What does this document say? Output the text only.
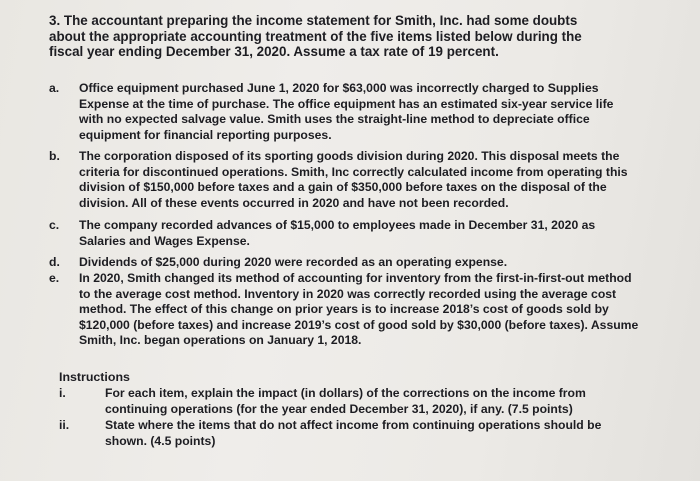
3. The accountant preparing the income statement for Smith, Inc. had some doubts about the appropriate accounting treatment of the five items listed below during the fiscal year ending December 31, 2020. Assume a tax rate of 19 percent.
a.	Office equipment purchased June 1, 2020 for $63,000 was incorrectly charged to Supplies Expense at the time of purchase. The office equipment has an estimated six-year service life with no expected salvage value. Smith uses the straight-line method to depreciate office equipment for financial reporting purposes.
b.	The corporation disposed of its sporting goods division during 2020. This disposal meets the criteria for discontinued operations. Smith, Inc correctly calculated income from operating this division of $150,000 before taxes and a gain of $350,000 before taxes on the disposal of the division. All of these events occurred in 2020 and have not been recorded.
c.	The company recorded advances of $15,000 to employees made in December 31, 2020 as Salaries and Wages Expense.
d.	Dividends of $25,000 during 2020 were recorded as an operating expense.
e.	In 2020, Smith changed its method of accounting for inventory from the first-in-first-out method to the average cost method. Inventory in 2020 was correctly recorded using the average cost method. The effect of this change on prior years is to increase 2018’s cost of goods sold by $120,000 (before taxes) and increase 2019’s cost of good sold by $30,000 (before taxes). Assume Smith, Inc. began operations on January 1, 2018.
Instructions
i.	For each item, explain the impact (in dollars) of the corrections on the income from continuing operations (for the year ended December 31, 2020), if any. (7.5 points)
ii.	State where the items that do not affect income from continuing operations should be shown. (4.5 points)
